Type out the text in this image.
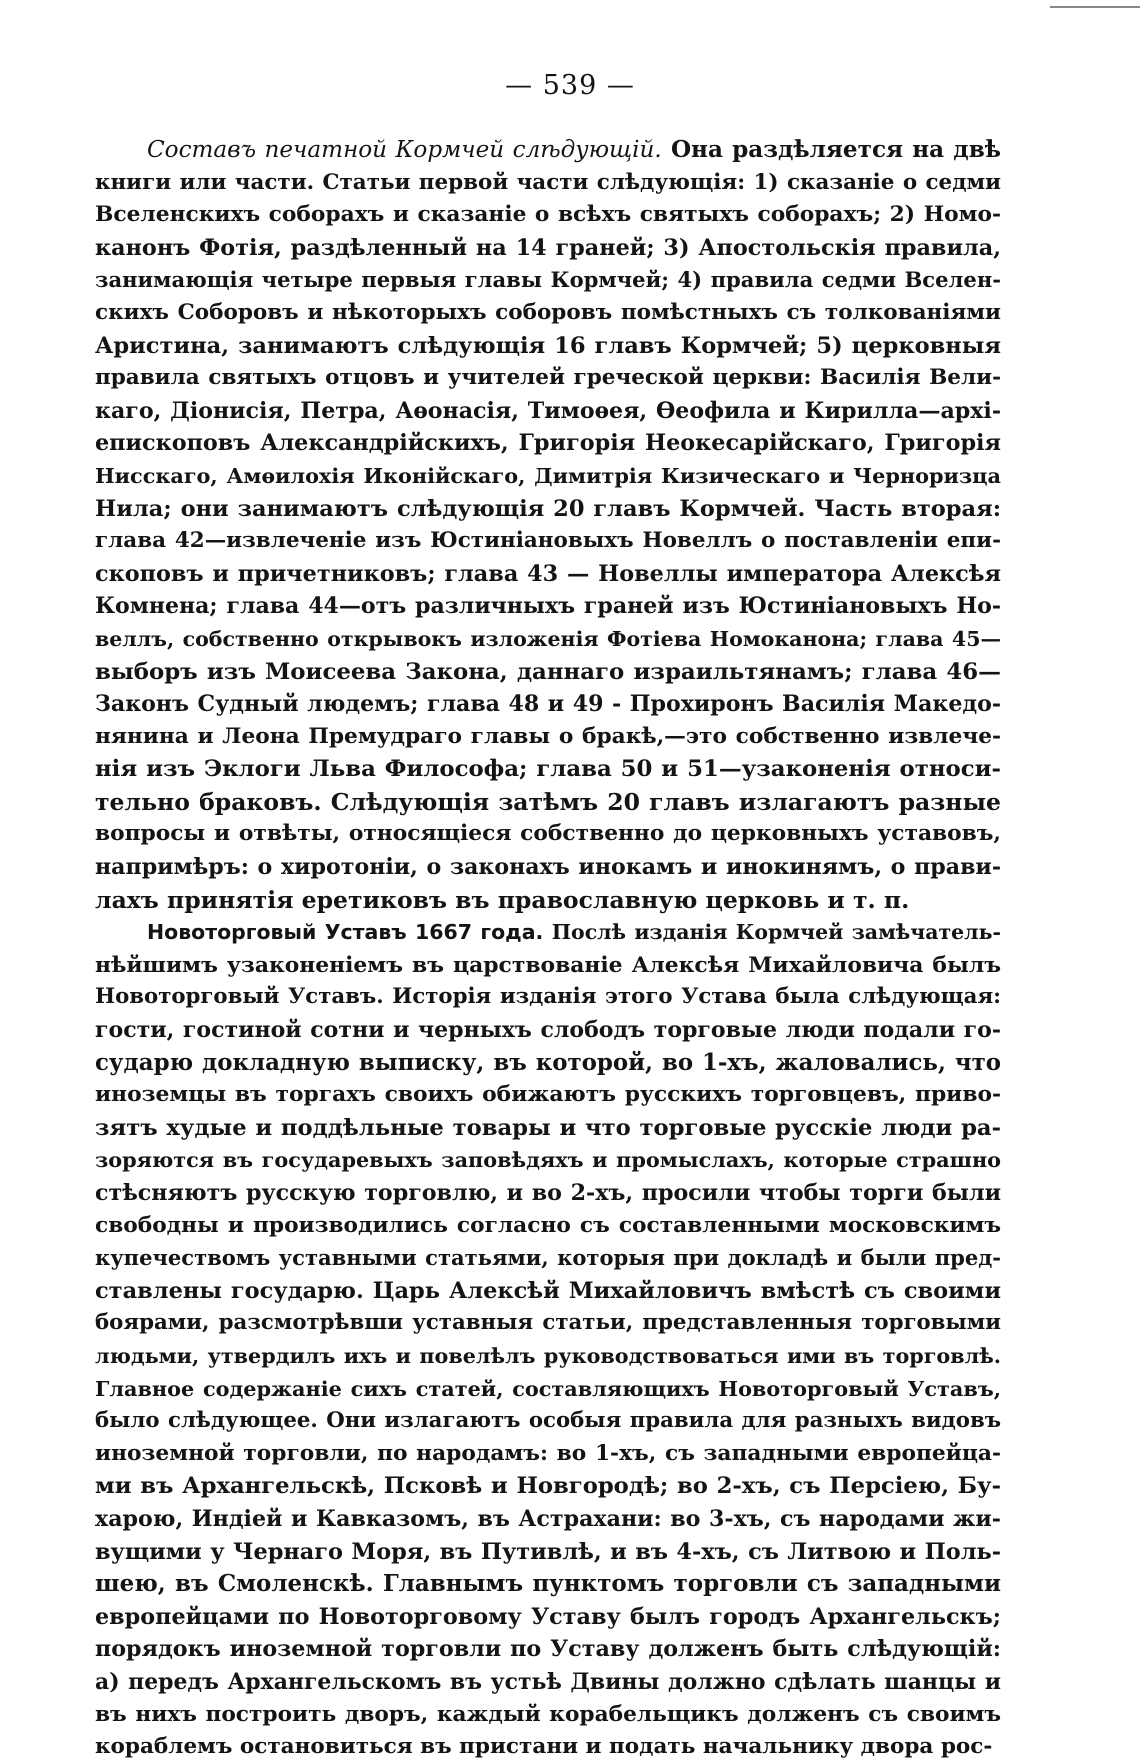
— 539 —

Составъ печатной Кормчей слѣдующій. Она раздѣляется на двѣ
книги или части. Статьи первой части слѣдующія: 1) сказаніе о седми
Вселенскихъ соборахъ и сказаніе о всѣхъ святыхъ соборахъ; 2) Номо-
канонъ Фотія, раздѣленный на 14 граней; 3) Апостольскія правила,
занимающія четыре первыя главы Кормчей; 4) правила седми Вселен-
скихъ Соборовъ и нѣкоторыхъ соборовъ помѣстныхъ съ толкованіями
Аристина, занимаютъ слѣдующія 16 главъ Кормчей; 5) церковныя
правила святыхъ отцовъ и учителей греческой церкви: Василія Вели-
каго, Діонисія, Петра, Аѳонасія, Тимоѳея, Ѳеофила и Кирилла—архі-
епископовъ Александрійскихъ, Григорія Неокесарійскаго, Григорія
Нисскаго, Амѳилохія Иконійскаго, Димитрія Кизическаго и Черноризца
Нила; они занимаютъ слѣдующія 20 главъ Кормчей. Часть вторая:
глава 42—извлеченіе изъ Юстиніановыхъ Новеллъ о поставленіи епи-
скоповъ и причетниковъ; глава 43 — Новеллы императора Алексѣя
Комнена; глава 44—отъ различныхъ граней изъ Юстиніановыхъ Но-
веллъ, собственно открывокъ изложенія Фотіева Номоканона; глава 45—
выборъ изъ Моисеева Закона, даннаго израильтянамъ; глава 46—
Законъ Судный людемъ; глава 48 и 49 - Прохиронъ Василія Македо-
нянина и Леона Премудраго главы о бракѣ,—это собственно извлече-
нія изъ Эклоги Льва Философа; глава 50 и 51—узаконенія относи-
тельно браковъ. Слѣдующія затѣмъ 20 главъ излагаютъ разные
вопросы и отвѣты, относящіеся собственно до церковныхъ уставовъ,
напримѣръ: о хиротоніи, о законахъ инокамъ и инокинямъ, о прави-
лахъ принятія еретиковъ въ православную церковь и т. п.

Новоторговый Уставъ 1667 года. Послѣ изданія Кормчей замѣчатель-
нѣйшимъ узаконеніемъ въ царствованіе Алексѣя Михайловича былъ
Новоторговый Уставъ. Исторія изданія этого Устава была слѣдующая:
гости, гостиной сотни и черныхъ слободъ торговые люди подали го-
сударю докладную выписку, въ которой, во 1-хъ, жаловались, что
иноземцы въ торгахъ своихъ обижаютъ русскихъ торговцевъ, приво-
зятъ худые и поддѣльные товары и что торговые русскіе люди ра-
зоряются въ государевыхъ заповѣдяхъ и промыслахъ, которые страшно
стѣсняютъ русскую торговлю, и во 2-хъ, просили чтобы торги были
свободны и производились согласно съ составленными московскимъ
купечествомъ уставными статьями, которыя при докладѣ и были пред-
ставлены государю. Царь Алексѣй Михайловичъ вмѣстѣ съ своими
боярами, разсмотрѣвши уставныя статьи, представленныя торговыми
людьми, утвердилъ ихъ и повелѣлъ руководствоваться ими въ торговлѣ.
Главное содержаніе сихъ статей, составляющихъ Новоторговый Уставъ,
было слѣдующее. Они излагаютъ особыя правила для разныхъ видовъ
иноземной торговли, по народамъ: во 1-хъ, съ западными европейца-
ми въ Архангельскѣ, Псковѣ и Новгородѣ; во 2-хъ, съ Персіею, Бу-
харою, Индіей и Кавказомъ, въ Астрахани: во 3-хъ, съ народами жи-
вущими у Чернаго Моря, въ Путивлѣ, и въ 4-хъ, съ Литвою и Поль-
шею, въ Смоленскѣ. Главнымъ пунктомъ торговли съ западными
европейцами по Новоторговому Уставу былъ городъ Архангельскъ;
порядокъ иноземной торговли по Уставу долженъ быть слѣдующій:
а) передъ Архангельскомъ въ устьѣ Двины должно сдѣлать шанцы и
въ нихъ построить дворъ, каждый корабельщикъ долженъ съ своимъ
кораблемъ остановиться въ пристани и подать начальнику двора рос-
